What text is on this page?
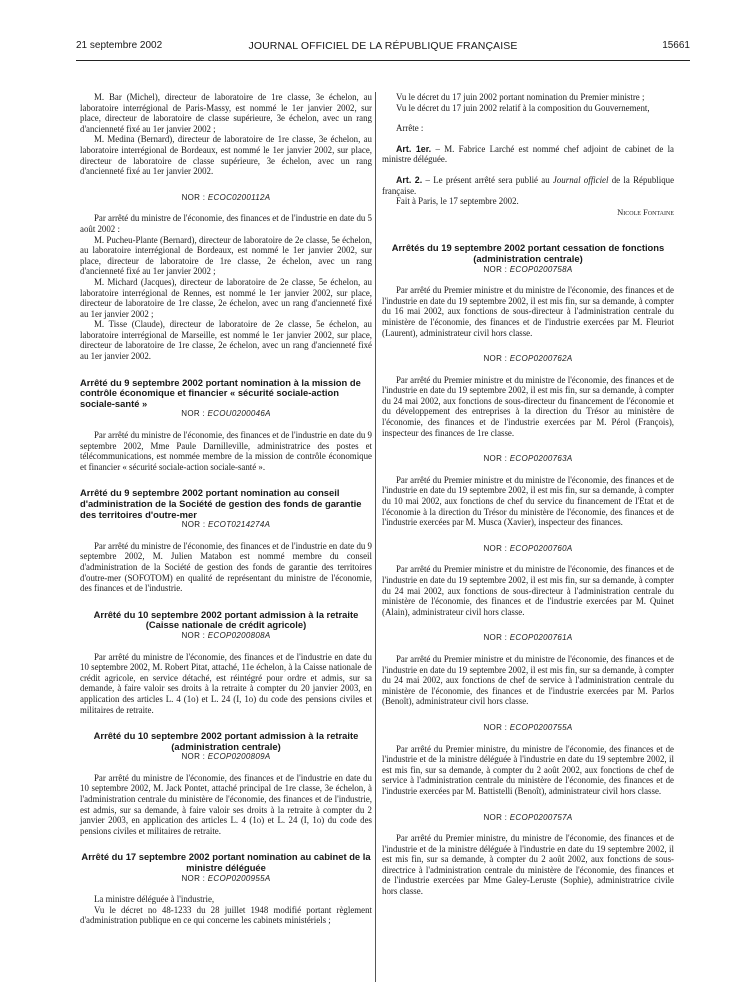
21 septembre 2002	JOURNAL OFFICIEL DE LA RÉPUBLIQUE FRANÇAISE	15661

M. Bar (Michel), directeur de laboratoire de 1re classe, 3e échelon, au laboratoire interrégional de Paris-Massy, est nommé le 1er janvier 2002, sur place, directeur de laboratoire de classe supérieure, 3e échelon, avec un rang d'ancienneté fixé au 1er janvier 2002 ;

M. Medina (Bernard), directeur de laboratoire de 1re classe, 3e échelon, au laboratoire interrégional de Bordeaux, est nommé le 1er janvier 2002, sur place, directeur de laboratoire de classe supérieure, 3e échelon, avec un rang d'ancienneté fixé au 1er janvier 2002.

NOR : ECOC0200112A

Par arrêté du ministre de l'économie, des finances et de l'industrie en date du 5 août 2002 :

M. Pucheu-Plante (Bernard), directeur de laboratoire de 2e classe, 5e échelon, au laboratoire interrégional de Bordeaux, est nommé le 1er janvier 2002, sur place, directeur de laboratoire de 1re classe, 2e échelon, avec un rang d'ancienneté fixé au 1er janvier 2002 ;

M. Michard (Jacques), directeur de laboratoire de 2e classe, 5e échelon, au laboratoire interrégional de Rennes, est nommé le 1er janvier 2002, sur place, directeur de laboratoire de 1re classe, 2e échelon, avec un rang d'ancienneté fixé au 1er janvier 2002 ;

M. Tisse (Claude), directeur de laboratoire de 2e classe, 5e échelon, au laboratoire interrégional de Marseille, est nommé le 1er janvier 2002, sur place, directeur de laboratoire de 1re classe, 2e échelon, avec un rang d'ancienneté fixé au 1er janvier 2002.

Arrêté du 9 septembre 2002 portant nomination à la mission de contrôle économique et financier « sécurité sociale-action sociale-santé »
NOR : ECOU0200046A

Par arrêté du ministre de l'économie, des finances et de l'industrie en date du 9 septembre 2002, Mme Paule Darnilleville, administratrice des postes et télécommunications, est nommée membre de la mission de contrôle économique et financier « sécurité sociale-action sociale-santé ».

Arrêté du 9 septembre 2002 portant nomination au conseil d'administration de la Société de gestion des fonds de garantie des territoires d'outre-mer
NOR : ECOT0214274A

Par arrêté du ministre de l'économie, des finances et de l'industrie en date du 9 septembre 2002, M. Julien Matabon est nommé membre du conseil d'administration de la Société de gestion des fonds de garantie des territoires d'outre-mer (SOFOTOM) en qualité de représentant du ministre de l'économie, des finances et de l'industrie.

Arrêté du 10 septembre 2002 portant admission à la retraite (Caisse nationale de crédit agricole)
NOR : ECOP0200808A

Par arrêté du ministre de l'économie, des finances et de l'industrie en date du 10 septembre 2002, M. Robert Pitat, attaché, 11e échelon, à la Caisse nationale de crédit agricole, en service détaché, est réintégré pour ordre et admis, sur sa demande, à faire valoir ses droits à la retraite à compter du 20 janvier 2003, en application des articles L. 4 (1o) et L. 24 (I, 1o) du code des pensions civiles et militaires de retraite.

Arrêté du 10 septembre 2002 portant admission à la retraite (administration centrale)
NOR : ECOP0200809A

Par arrêté du ministre de l'économie, des finances et de l'industrie en date du 10 septembre 2002, M. Jack Pontet, attaché principal de 1re classe, 3e échelon, à l'administration centrale du ministère de l'économie, des finances et de l'industrie, est admis, sur sa demande, à faire valoir ses droits à la retraite à compter du 2 janvier 2003, en application des articles L. 4 (1o) et L. 24 (I, 1o) du code des pensions civiles et militaires de retraite.

Arrêté du 17 septembre 2002 portant nomination au cabinet de la ministre déléguée
NOR : ECOP0200955A

La ministre déléguée à l'industrie,

Vu le décret no 48-1233 du 28 juillet 1948 modifié portant règlement d'administration publique en ce qui concerne les cabinets ministériels ;

Vu le décret du 17 juin 2002 portant nomination du Premier ministre ;

Vu le décret du 17 juin 2002 relatif à la composition du Gouvernement,

Arrête :

Art. 1er. – M. Fabrice Larché est nommé chef adjoint de cabinet de la ministre déléguée.

Art. 2. – Le présent arrêté sera publié au Journal officiel de la République française.

Fait à Paris, le 17 septembre 2002.

Nicole Fontaine
Arrêtés du 19 septembre 2002 portant cessation de fonctions (administration centrale)
NOR : ECOP0200758A

Par arrêté du Premier ministre et du ministre de l'économie, des finances et de l'industrie en date du 19 septembre 2002, il est mis fin, sur sa demande, à compter du 16 mai 2002, aux fonctions de sous-directeur à l'administration centrale du ministère de l'économie, des finances et de l'industrie exercées par M. Fleuriot (Laurent), administrateur civil hors classe.

NOR : ECOP0200762A

Par arrêté du Premier ministre et du ministre de l'économie, des finances et de l'industrie en date du 19 septembre 2002, il est mis fin, sur sa demande, à compter du 24 mai 2002, aux fonctions de sous-directeur du financement de l'économie et du développement des entreprises à la direction du Trésor au ministère de l'économie, des finances et de l'industrie exercées par M. Pérol (François), inspecteur des finances de 1re classe.

NOR : ECOP0200763A

Par arrêté du Premier ministre et du ministre de l'économie, des finances et de l'industrie en date du 19 septembre 2002, il est mis fin, sur sa demande, à compter du 10 mai 2002, aux fonctions de chef du service du financement de l'Etat et de l'économie à la direction du Trésor du ministère de l'économie, des finances et de l'industrie exercées par M. Musca (Xavier), inspecteur des finances.

NOR : ECOP0200760A

Par arrêté du Premier ministre et du ministre de l'économie, des finances et de l'industrie en date du 19 septembre 2002, il est mis fin, sur sa demande, à compter du 24 mai 2002, aux fonctions de sous-directeur à l'administration centrale du ministère de l'économie, des finances et de l'industrie exercées par M. Quinet (Alain), administrateur civil hors classe.

NOR : ECOP0200761A

Par arrêté du Premier ministre et du ministre de l'économie, des finances et de l'industrie en date du 19 septembre 2002, il est mis fin, sur sa demande, à compter du 24 mai 2002, aux fonctions de chef de service à l'administration centrale du ministère de l'économie, des finances et de l'industrie exercées par M. Parlos (Benoît), administrateur civil hors classe.

NOR : ECOP0200755A

Par arrêté du Premier ministre, du ministre de l'économie, des finances et de l'industrie et de la ministre déléguée à l'industrie en date du 19 septembre 2002, il est mis fin, sur sa demande, à compter du 2 août 2002, aux fonctions de chef de service à l'administration centrale du ministère de l'économie, des finances et de l'industrie exercées par M. Battistelli (Benoît), administrateur civil hors classe.

NOR : ECOP0200757A

Par arrêté du Premier ministre, du ministre de l'économie, des finances et de l'industrie et de la ministre déléguée à l'industrie en date du 19 septembre 2002, il est mis fin, sur sa demande, à compter du 2 août 2002, aux fonctions de sous-directrice à l'administration centrale du ministère de l'économie, des finances et de l'industrie exercées par Mme Galey-Leruste (Sophie), administratrice civile hors classe.
